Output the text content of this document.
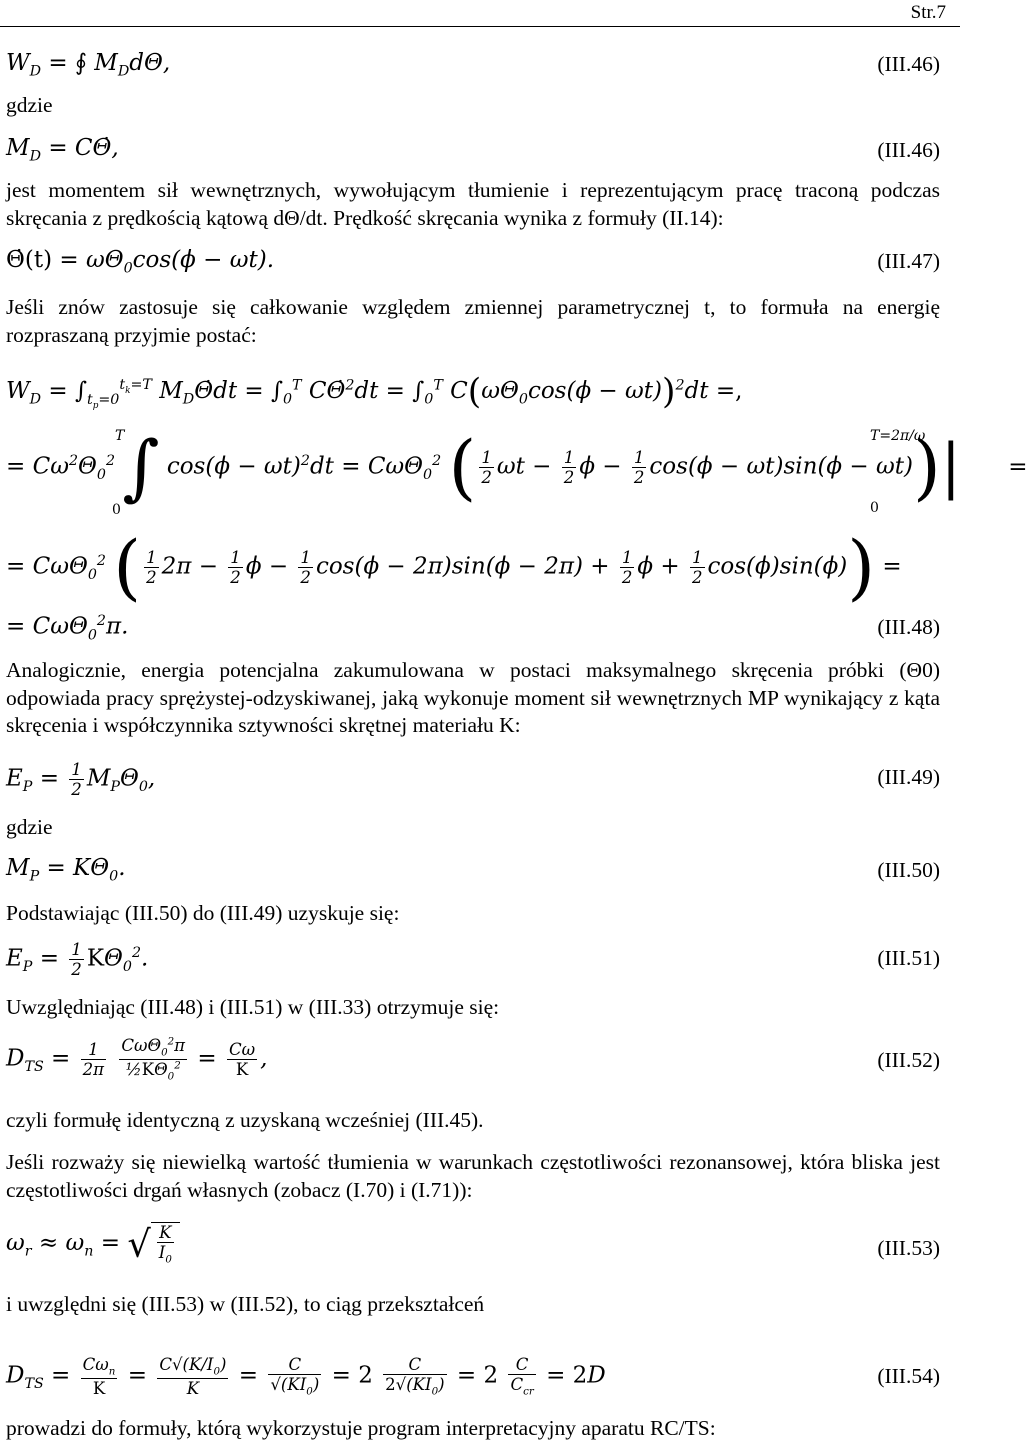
Str.7
$W_D$ = ∮ $M_Dd\Theta$,	(III.46)
gdzie
$M_D$ = CΘ̇,	(III.46)
jest momentem sił wewnętrznych, wywołującym tłumienie i reprezentującym pracę traconą podczas skręcania z prędkością kątową dΘ/dt. Prędkość skręcania wynika z formuły (II.14):
Θ̇(t) = $\omega\Theta_0\cos(\phi - \omega t)$.	(III.47)
Jeśli znów zastosuje się całkowanie względem zmiennej parametrycznej t, to formuła na energię rozpraszaną przyjmie postać:
$W_D = \int_{t_p=0}^{t_k=T}$ $M_D\Thetȧdt = \int_0^T$ CΘ̇$^2$dt = $\int_0^T$ $C(\omega\Theta_0\cos(\phi - \omega t))^2dt$ =,
= $C\omega^2\Theta_0^2$ ∫ $\cos(\phi - \omega t)^2dt = C\omega\Theta_0^2$ ( $\frac{1}{2}$ $\omega t - \frac{1}{2}$ $\phi - \frac{1}{2} \cos(\phi - \omega t)\sin(\phi - \omega t))|$ =
T
0
T=2π/ω
0
= CωΘ$_0^2$ ( $\frac{1}{2} 2\pi - \frac{1}{2}$ $\phi - \frac{1}{2} \cos(\phi - 2\pi)\sin(\phi - 2\pi) + \frac{1}{2}$ $\phi + \frac{1}{2} \cos(\phi)\sin(\phi)$) =
= CωΘ$_0^2$π.	(III.48)
Analogicznie, energia potencjalna zakumulowana w postaci maksymalnego skręcenia próbki (Θ0) odpowiada pracy sprężystej-odzyskiwanej, jaką wykonuje moment sił wewnętrznych MP wynikający z kąta skręcenia i współczynnika sztywności skrętnej materiału K:
$E_P = \frac{1}{2} M_P\Theta_0$,	(III.49)
gdzie
$M_P = K\Theta_0$.	(III.50)
Podstawiając (III.50) do (III.49) uzyskuje się:
$E_P = \frac{1}{2} K\Theta_0^2$.	(III.51)
Uwzględniając (III.48) i (III.51) w (III.33) otrzymuje się:
$D_{TS} = \frac{1}{2\pi}$
$\frac{C\omega\Theta_0^2\pi}{\frac{1}{2}K\Theta_0^2} = \frac{C\omega}{K}$ ,	(III.52)
czyli formułę identyczną z uzyskaną wcześniej (III.45).
Jeśli rozważy się niewielką wartość tłumienia w warunkach częstotliwości rezonansowej, która bliska jest częstotliwości drgań własnych (zobacz (I.70) i (I.71)):
$\omega_r \approx \omega_n$ = √ $\frac{K}{I_0}$	(III.53)
i uwzględni się (III.53) w (III.52), to ciąg przekształceń
$D_{TS} = \frac{C\omega_n}{K} = \frac{C√(K/I_0)}{K} = \frac{C}{√(KI_0)} = 2 \frac{C}{2√(KI_0)} = 2 \frac{C}{C_{cr}} = 2D$	(III.54)
prowadzi do formuły, którą wykorzystuje program interpretacyjny aparatu RC/TS:
